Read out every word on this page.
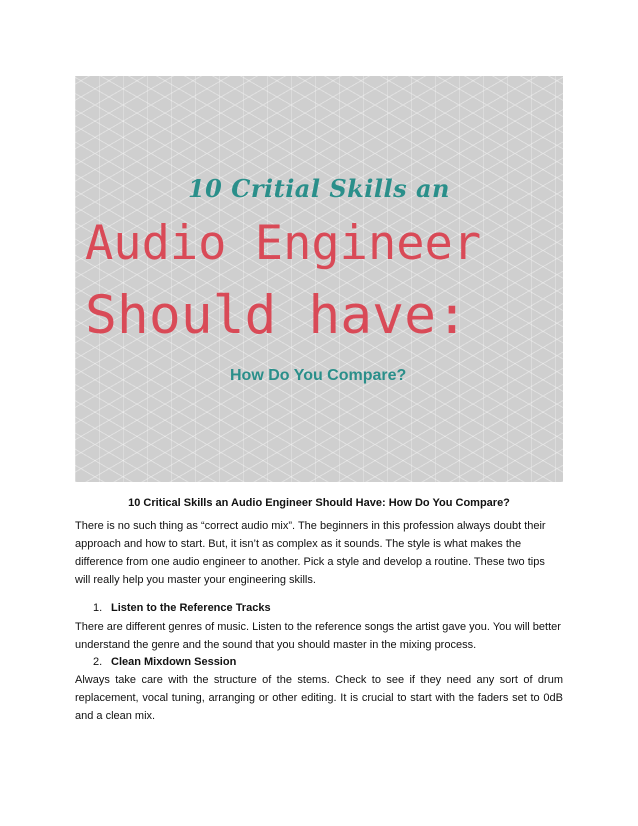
10 Critial Skills an
Audio Engineer
Should have:
How Do You Compare?
10 Critical Skills an Audio Engineer Should Have: How Do You Compare?
There is no such thing as “correct audio mix”. The beginners in this profession always doubt their approach and how to start. But, it isn’t as complex as it sounds. The style is what makes the difference from one audio engineer to another. Pick a style and develop a routine. These two tips will really help you master your engineering skills.
1. Listen to the Reference Tracks
There are different genres of music. Listen to the reference songs the artist gave you. You will better understand the genre and the sound that you should master in the mixing process.
2. Clean Mixdown Session
Always take care with the structure of the stems. Check to see if they need any sort of drum replacement, vocal tuning, arranging or other editing. It is crucial to start with the faders set to 0dB and a clean mix.
